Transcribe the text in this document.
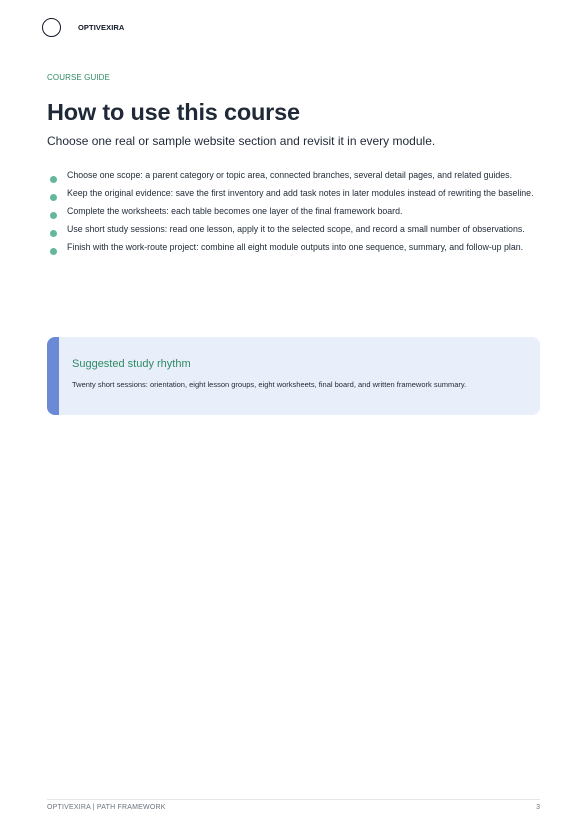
OPTIVEXIRA
COURSE GUIDE
How to use this course

Choose one real or sample website section and revisit it in every module.

Choose one scope: a parent category or topic area, connected branches, several detail pages, and related guides.
Keep the original evidence: save the first inventory and add task notes in later modules instead of rewriting the baseline.
Complete the worksheets: each table becomes one layer of the final framework board.
Use short study sessions: read one lesson, apply it to the selected scope, and record a small number of observations.
Finish with the work-route project: combine all eight module outputs into one sequence, summary, and follow-up plan.
Suggested study rhythm
Twenty short sessions: orientation, eight lesson groups, eight worksheets, final board, and written framework summary.
OPTIVEXIRA | PATH FRAMEWORK	3
